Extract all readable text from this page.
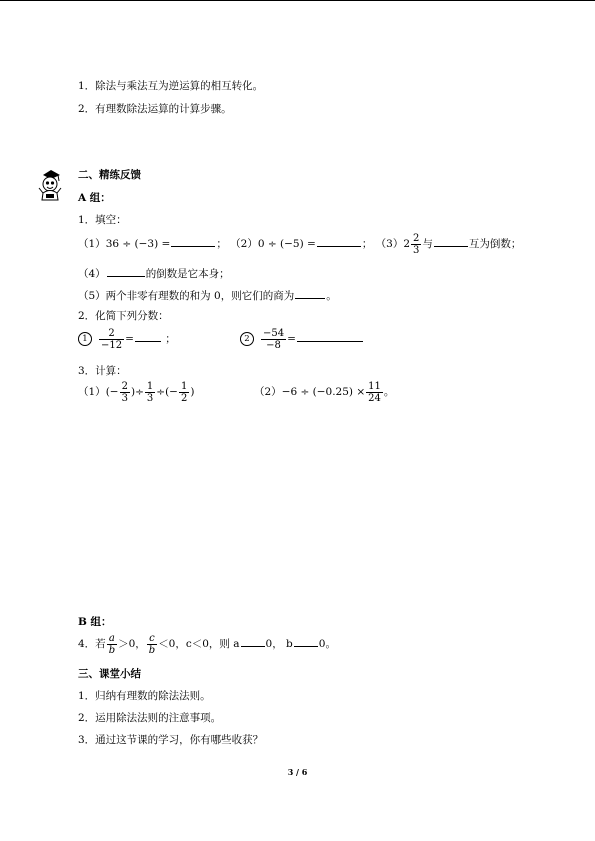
1．除法与乘法互为逆运算的相互转化。
2．有理数除法运算的计算步骤。
二、精练反馈
A 组：
1．填空：
（1）36 ÷ (−3) =	； （2）0 ÷ (−5) =	； $(3)2 \frac{2}{3}$ 与	互为倒数；
（4）	的倒数是它本身；
（5）两个非零有理数的和为 0，则它们的商为	。
2．化简下列分数：
$1 \frac{2}{-12}$ =	；	$2 \frac{-54}{-8}$ =
3．计算：
$(1)(- \frac{2}{3}$ )÷ $\frac{1}{3}$ ÷(− $\frac{1}{2}$ )	$(2)-6 \div (-0.25) \times \frac{11}{24}$ 。
B 组：
4．若 $\frac{a}{b} >0$， $\frac{c}{b} <0$，c＜0，则 a 0， b 0。
三、课堂小结
1．归纳有理数的除法法则。
2．运用除法法则的注意事项。
3．通过这节课的学习，你有哪些收获？
3 / 6
